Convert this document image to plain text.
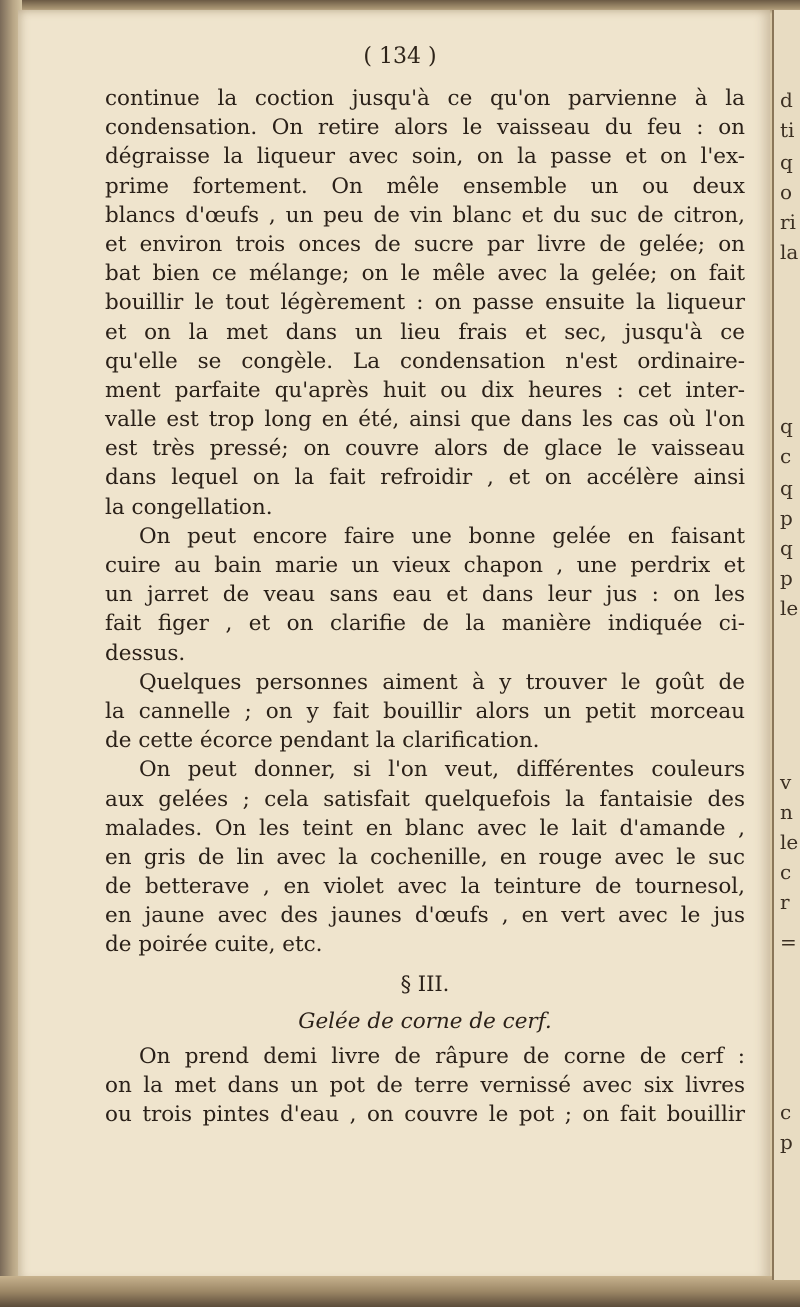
d
ti
q
o
ri
la
q
c
q
p
q
p
le
v
n
le
c
r
=
c
p
( 134 )
continue la coction jusqu'à ce qu'on parvienne à la
condensation. On retire alors le vaisseau du feu : on
dégraisse la liqueur avec soin, on la passe et on l'ex-
prime fortement. On mêle ensemble un ou deux
blancs d'œufs , un peu de vin blanc et du suc de citron,
et environ trois onces de sucre par livre de gelée; on
bat bien ce mélange; on le mêle avec la gelée; on fait
bouillir le tout légèrement : on passe ensuite la liqueur
et on la met dans un lieu frais et sec, jusqu'à ce
qu'elle se congèle. La condensation n'est ordinaire-
ment parfaite qu'après huit ou dix heures : cet inter-
valle est trop long en été, ainsi que dans les cas où l'on
est très pressé; on couvre alors de glace le vaisseau
dans lequel on la fait refroidir , et on accélère ainsi
la congellation.
On peut encore faire une bonne gelée en faisant
cuire au bain marie un vieux chapon , une perdrix et
un jarret de veau sans eau et dans leur jus : on les
fait figer , et on clarifie de la manière indiquée ci-
dessus.
Quelques personnes aiment à y trouver le goût de
la cannelle ; on y fait bouillir alors un petit morceau
de cette écorce pendant la clarification.
On peut donner, si l'on veut, différentes couleurs
aux gelées ; cela satisfait quelquefois la fantaisie des
malades. On les teint en blanc avec le lait d'amande ,
en gris de lin avec la cochenille, en rouge avec le suc
de betterave , en violet avec la teinture de tournesol,
en jaune avec des jaunes d'œufs , en vert avec le jus
de poirée cuite, etc.
§ III.
Gelée de corne de cerf.
On prend demi livre de râpure de corne de cerf :
on la met dans un pot de terre vernissé avec six livres
ou trois pintes d'eau , on couvre le pot ; on fait bouillir
